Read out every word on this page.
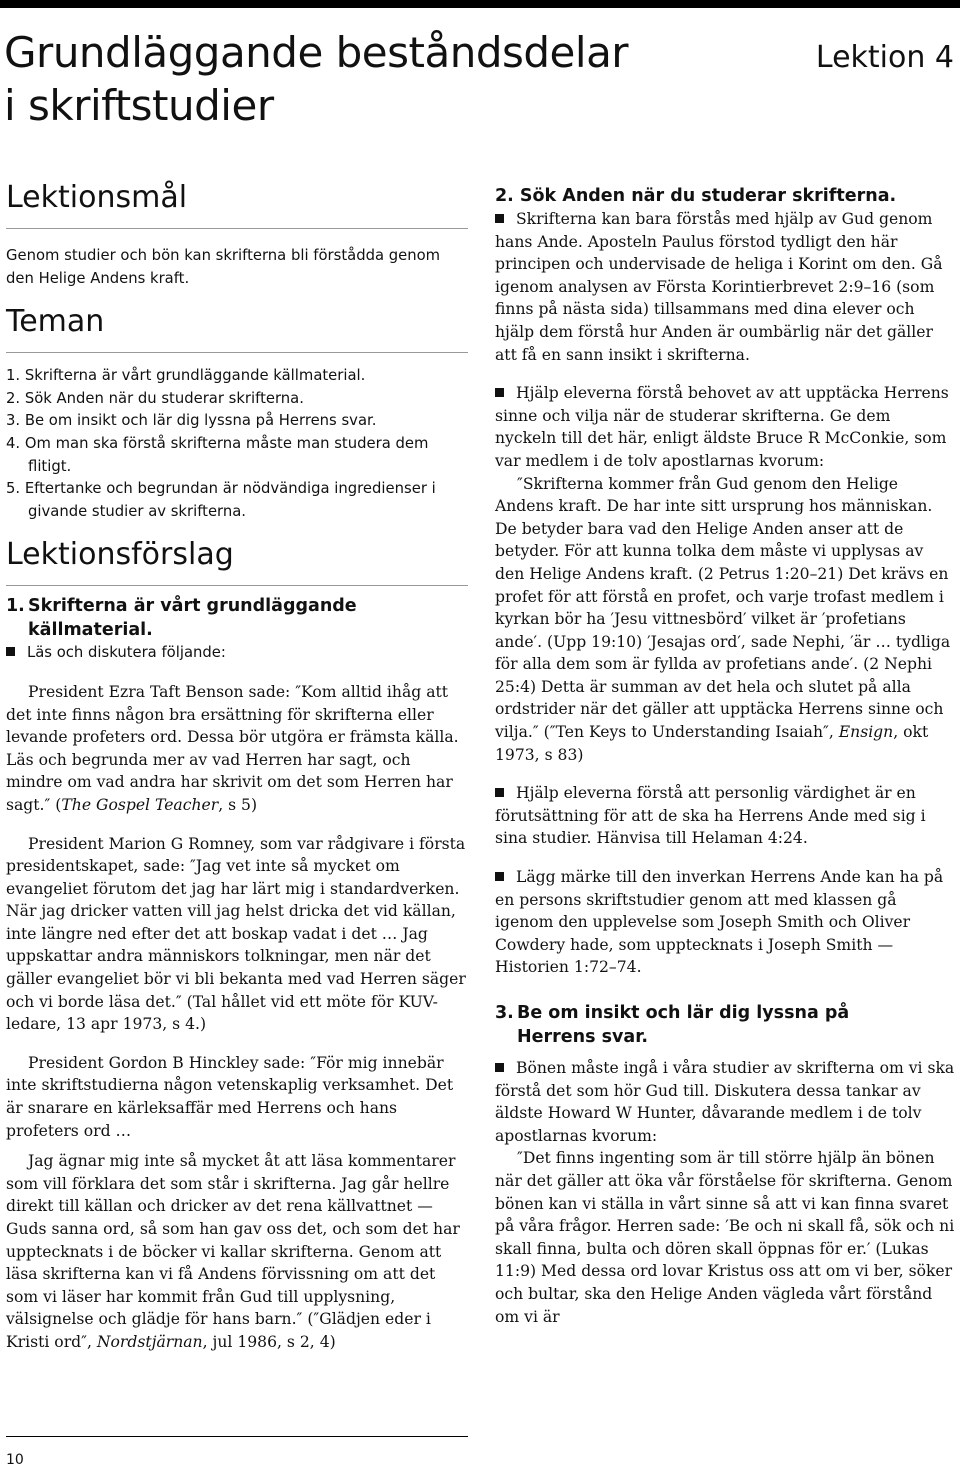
Grundläggande beståndsdelar
i skriftstudier
Lektion 4
Lektionsmål

Genom studier och bön kan skrifterna bli förstådda genom den Helige Andens kraft.

Teman

1. Skrifterna är vårt grundläggande källmaterial.

2. Sök Anden när du studerar skrifterna.

3. Be om insikt och lär dig lyssna på Herrens svar.

4. Om man ska förstå skrifterna måste man studera dem flitigt.

5. Eftertanke och begrundan är nödvändiga ingredienser i givande studier av skrifterna.

Lektionsförslag
1. Skrifterna är vårt grundläggande
källmaterial.

Läs och diskutera följande:

President Ezra Taft Benson sade: ″Kom alltid ihåg att det inte finns någon bra ersättning för skrifterna eller levande profeters ord. Dessa bör utgöra er främsta källa. Läs och begrunda mer av vad Herren har sagt, och mindre om vad andra har skrivit om det som Herren har sagt.″ (The Gospel Teacher, s 5)

President Marion G Romney, som var rådgivare i första presidentskapet, sade: ″Jag vet inte så mycket om evangeliet förutom det jag har lärt mig i standardverken. När jag dricker vatten vill jag helst dricka det vid källan, inte längre ned efter det att boskap vadat i det … Jag uppskattar andra människors tolkningar, men när det gäller evangeliet bör vi bli bekanta med vad Herren säger och vi borde läsa det.″ (Tal hållet vid ett möte för KUV-ledare, 13 apr 1973, s 4.)

President Gordon B Hinckley sade: ″För mig innebär inte skriftstudierna någon vetenskaplig verksamhet. Det är snarare en kärleksaffär med Herrens och hans profeters ord …

Jag ägnar mig inte så mycket åt att läsa kommentarer som vill förklara det som står i skrifterna. Jag går hellre direkt till källan och dricker av det rena källvattnet — Guds sanna ord, så som han gav oss det, och som det har upptecknats i de böcker vi kallar skrifterna. Genom att läsa skrifterna kan vi få Andens förvissning om att det som vi läser har kommit från Gud till upplysning, välsignelse och glädje för hans barn.″ (″Glädjen eder i Kristi ord″, Nordstjärnan, jul 1986, s 2, 4)

2. Sök Anden när du studerar skrifterna.

Skrifterna kan bara förstås med hjälp av Gud genom hans Ande. Aposteln Paulus förstod tydligt den här principen och undervisade de heliga i Korint om den. Gå igenom analysen av Första Korintierbrevet 2:9–16 (som finns på nästa sida) tillsammans med dina elever och hjälp dem förstå hur Anden är oumbärlig när det gäller att få en sann insikt i skrifterna.

Hjälp eleverna förstå behovet av att upptäcka Herrens sinne och vilja när de studerar skrifterna. Ge dem nyckeln till det här, enligt äldste Bruce R McConkie, som var medlem i de tolv apostlarnas kvorum:

″Skrifterna kommer från Gud genom den Helige Andens kraft. De har inte sitt ursprung hos människan. De betyder bara vad den Helige Anden anser att de betyder. För att kunna tolka dem måste vi upplysas av den Helige Andens kraft. (2 Petrus 1:20–21) Det krävs en profet för att förstå en profet, och varje trofast medlem i kyrkan bör ha ′Jesu vittnesbörd′ vilket är ′profetians ande′. (Upp 19:10) ′Jesajas ord′, sade Nephi, ′är … tydliga för alla dem som är fyllda av profetians ande′. (2 Nephi 25:4) Detta är summan av det hela och slutet på alla ordstrider när det gäller att upptäcka Herrens sinne och vilja.″ (″Ten Keys to Understanding Isaiah″, Ensign, okt 1973, s 83)

Hjälp eleverna förstå att personlig värdighet är en förutsättning för att de ska ha Herrens Ande med sig i sina studier. Hänvisa till Helaman 4:24.

Lägg märke till den inverkan Herrens Ande kan ha på en persons skriftstudier genom att med klassen gå igenom den upplevelse som Joseph Smith och Oliver Cowdery hade, som upptecknats i Joseph Smith — Historien 1:72–74.

3. Be om insikt och lär dig lyssna på
Herrens svar.

Bönen måste ingå i våra studier av skrifterna om vi ska förstå det som hör Gud till. Diskutera dessa tankar av äldste Howard W Hunter, dåvarande medlem i de tolv apostlarnas kvorum:

″Det finns ingenting som är till större hjälp än bönen när det gäller att öka vår förståelse för skrifterna. Genom bönen kan vi ställa in vårt sinne så att vi kan finna svaret på våra frågor. Herren sade: ′Be och ni skall få, sök och ni skall finna, bulta och dören skall öppnas för er.′ (Lukas 11:9) Med dessa ord lovar Kristus oss att om vi ber, söker och bultar, ska den Helige Anden vägleda vårt förstånd om vi är

10
